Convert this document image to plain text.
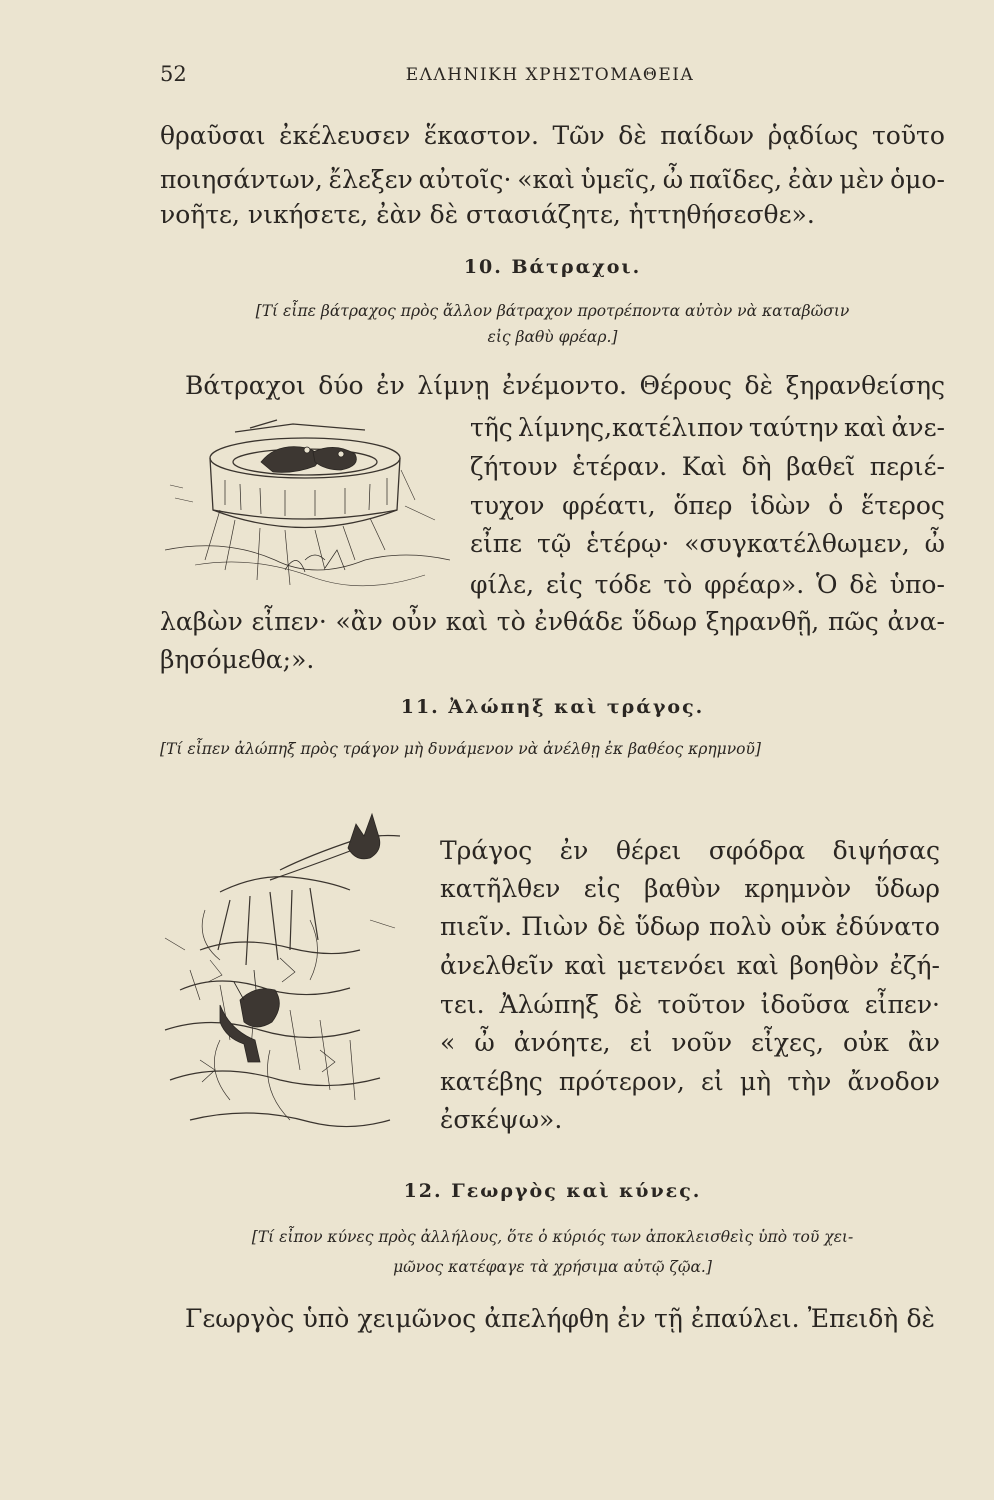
52	ΕΛΛΗΝΙΚΗ ΧΡΗΣΤΟΜΑΘΕΙΑ
θραῦσαι ἐκέλευσεν ἕκαστον. Τῶν δὲ παίδων ῥᾳδίως τοῦτο
ποιησάντων, ἔλεξεν αὐτοῖς· «καὶ ὑμεῖς, ὦ παῖδες, ἐὰν μὲν ὁμο-
νοῆτε, νικήσετε, ἐὰν δὲ στασιάζητε, ἡττηθήσεσθε».
10. Βάτραχοι.
[Τί εἶπε βάτραχος πρὸς ἄλλον βάτραχον προτρέποντα αὐτὸν νὰ καταβῶσιν
εἰς βαθὺ φρέαρ.]
Βάτραχοι δύο ἐν λίμνῃ ἐνέμοντο. Θέρους δὲ ξηρανθείσης
τῆς λίμνης,κατέλιπον ταύτην καὶ ἀνε-
ζήτουν ἑτέραν. Καὶ δὴ βαθεῖ περιέ-
τυχον φρέατι, ὅπερ ἰδὼν ὁ ἕτερος
εἶπε τῷ ἑτέρῳ· «συγκατέλθωμεν, ὦ
φίλε, εἰς τόδε τὸ φρέαρ». Ὁ δὲ ὑπο-
λαβὼν εἶπεν· «ἂν οὖν καὶ τὸ ἐνθάδε ὕδωρ ξηρανθῇ, πῶς ἀνα-
βησόμεθα;».
11. Ἀλώπηξ καὶ τράγος.
[Τί εἶπεν ἀλώπηξ πρὸς τράγον μὴ δυνάμενον νὰ ἀνέλθῃ ἐκ βαθέος κρημνοῦ]
Τράγος ἐν θέρει σφόδρα διψήσας
κατῆλθεν εἰς βαθὺν κρημνὸν ὕδωρ
πιεῖν. Πιὼν δὲ ὕδωρ πολὺ οὐκ ἐδύνατο
ἀνελθεῖν καὶ μετενόει καὶ βοηθὸν ἐζή-
τει. Ἀλώπηξ δὲ τοῦτον ἰδοῦσα εἶπεν·
« ὦ ἀνόητε, εἰ νοῦν εἶχες, οὐκ ἂν
κατέβης πρότερον, εἰ μὴ τὴν ἄνοδον
ἐσκέψω».
12. Γεωργὸς καὶ κύνες.
[Τί εἶπον κύνες πρὸς ἀλλήλους, ὅτε ὁ κύριός των ἀποκλεισθεὶς ὑπὸ τοῦ χει-
μῶνος κατέφαγε τὰ χρήσιμα αὐτῷ ζῷα.]
Γεωργὸς ὑπὸ χειμῶνος ἀπελήφθη ἐν τῇ ἐπαύλει. Ἐπειδὴ δὲ
